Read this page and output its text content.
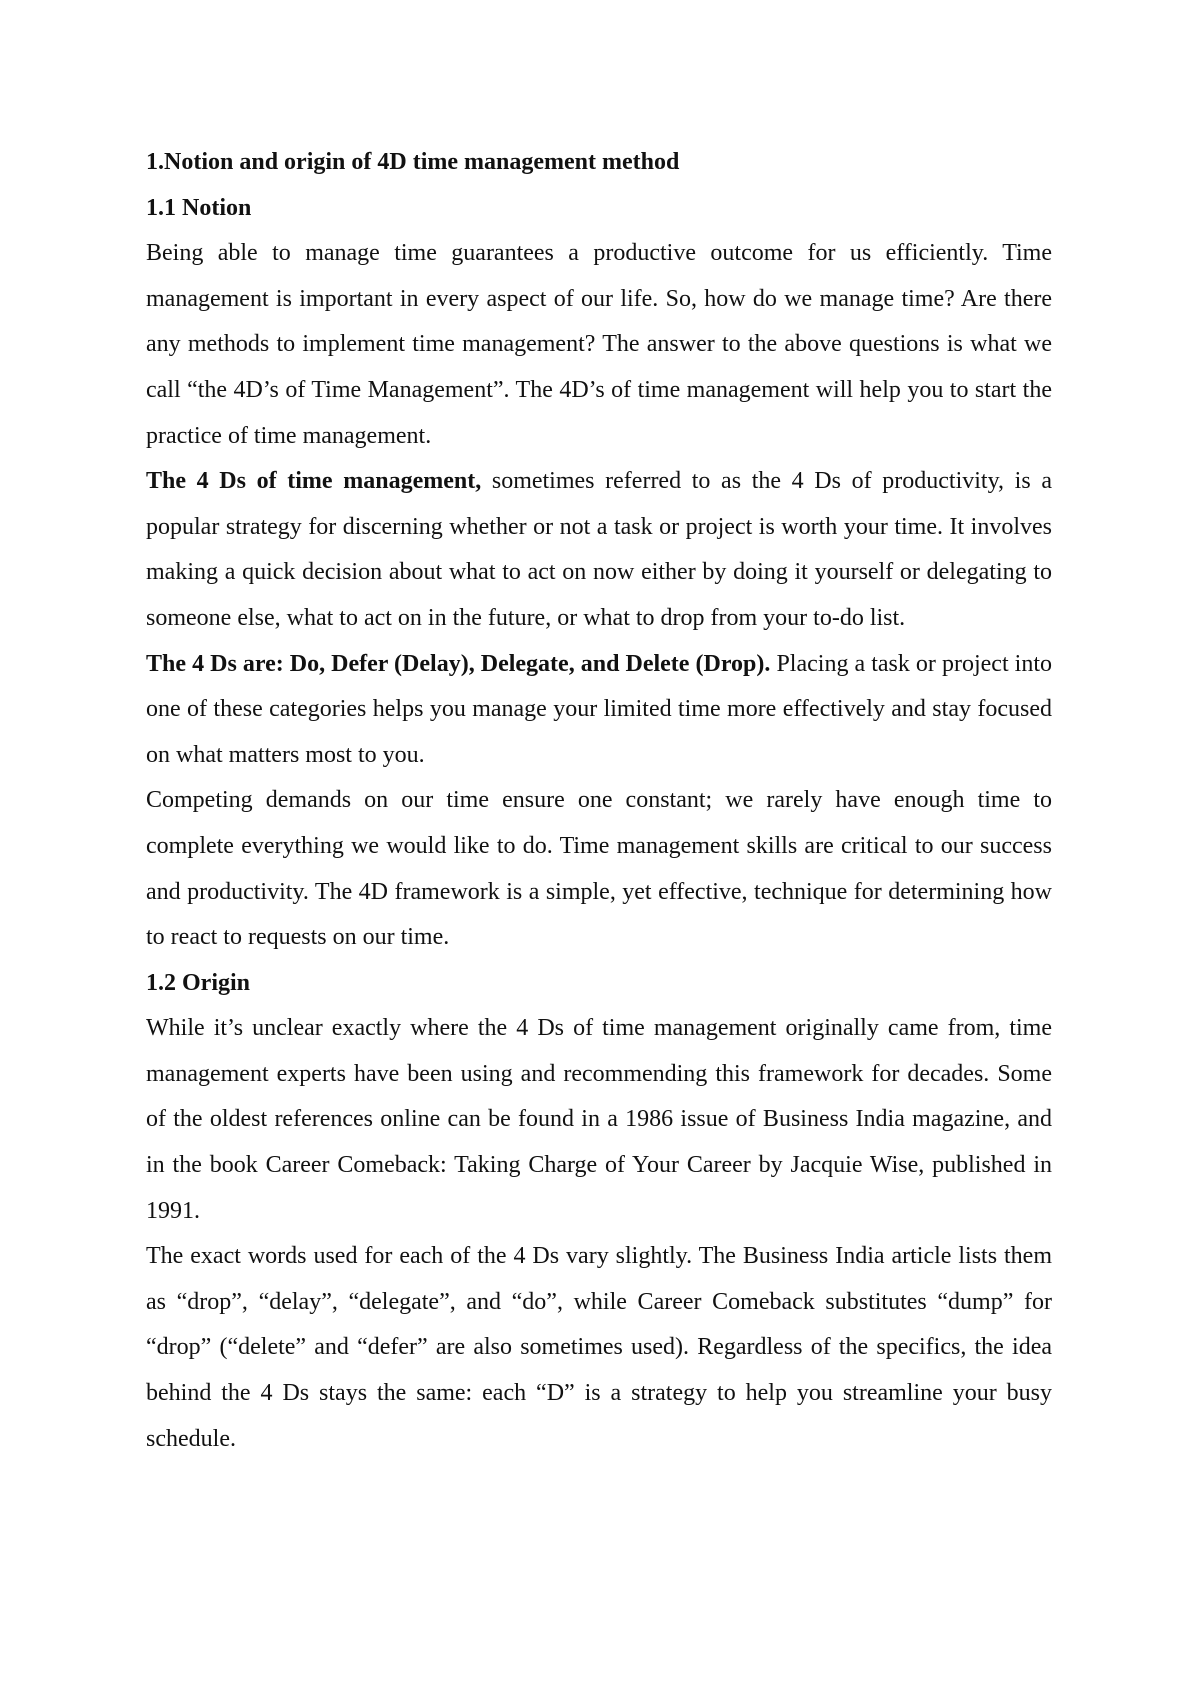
1.Notion and origin of 4D time management method
1.1 Notion

Being able to manage time guarantees a productive outcome for us efficiently. Time management is important in every aspect of our life. So, how do we manage time? Are there any methods to implement time management? The answer to the above questions is what we call “the 4D’s of Time Management”. The 4D’s of time management will help you to start the practice of time management.

The 4 Ds of time management, sometimes referred to as the 4 Ds of productivity, is a popular strategy for discerning whether or not a task or project is worth your time. It involves making a quick decision about what to act on now either by doing it yourself or delegating to someone else, what to act on in the future, or what to drop from your to-do list.

The 4 Ds are: Do, Defer (Delay), Delegate, and Delete (Drop). Placing a task or project into one of these categories helps you manage your limited time more effectively and stay focused on what matters most to you.

Competing demands on our time ensure one constant; we rarely have enough time to complete everything we would like to do. Time management skills are critical to our success and productivity. The 4D framework is a simple, yet effective, technique for determining how to react to requests on our time.

1.2 Origin

While it’s unclear exactly where the 4 Ds of time management originally came from, time management experts have been using and recommending this framework for decades. Some of the oldest references online can be found in a 1986 issue of Business India magazine, and in the book Career Comeback: Taking Charge of Your Career by Jacquie Wise, published in 1991.

The exact words used for each of the 4 Ds vary slightly. The Business India article lists them as “drop”, “delay”, “delegate”, and “do”, while Career Comeback substitutes “dump” for “drop” (“delete” and “defer” are also sometimes used). Regardless of the specifics, the idea behind the 4 Ds stays the same: each “D” is a strategy to help you streamline your busy schedule.
